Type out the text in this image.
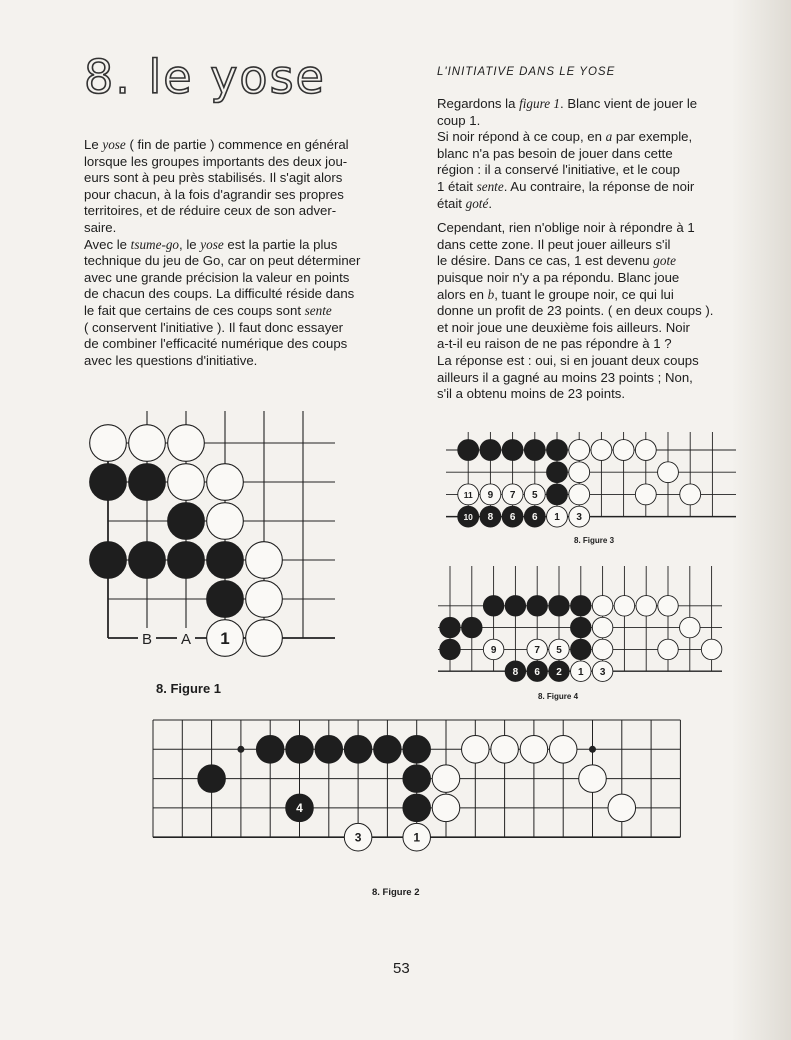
8. le yose	L'INITIATIVE DANS LE YOSE

Le yose ( fin de partie ) commence en général

lorsque les groupes importants des deux jou-

eurs sont à peu près stabilisés. Il s'agit alors

pour chacun, à la fois d'agrandir ses propres

territoires, et de réduire ceux de son adver-

saire.

Avec le tsume-go, le yose est la partie la plus

technique du jeu de Go, car on peut déterminer

avec une grande précision la valeur en points

de chacun des coups. La difficulté réside dans

le fait que certains de ces coups sont sente

( conservent l'initiative ). Il faut donc essayer

de combiner l'efficacité numérique des coups

avec les questions d'initiative.

Regardons la figure 1. Blanc vient de jouer le

coup 1.

Si noir répond à ce coup, en a par exemple,

blanc n'a pas besoin de jouer dans cette

région : il a conservé l'initiative, et le coup

1 était sente. Au contraire, la réponse de noir

était goté.

Cependant, rien n'oblige noir à répondre à 1

dans cette zone. Il peut jouer ailleurs s'il

le désire. Dans ce cas, 1 est devenu gote

puisque noir n'y a pa répondu. Blanc joue

alors en b, tuant le groupe noir, ce qui lui

donne un profit de 23 points. ( en deux coups ).

et noir joue une deuxième fois ailleurs. Noir

a-t-il eu raison de ne pas répondre à 1 ?

La réponse est : oui, si en jouant deux coups

ailleurs il a gagné au moins 23 points ; Non,

s'il a obtenu moins de 23 points.

1
B A
8. Figure 1
11 9 7 5
10 8 6 6 1 3
8. Figure 3
9	7 5
8 6 2 1 3
8. Figure 4
4
3	1
8. Figure 2
53
